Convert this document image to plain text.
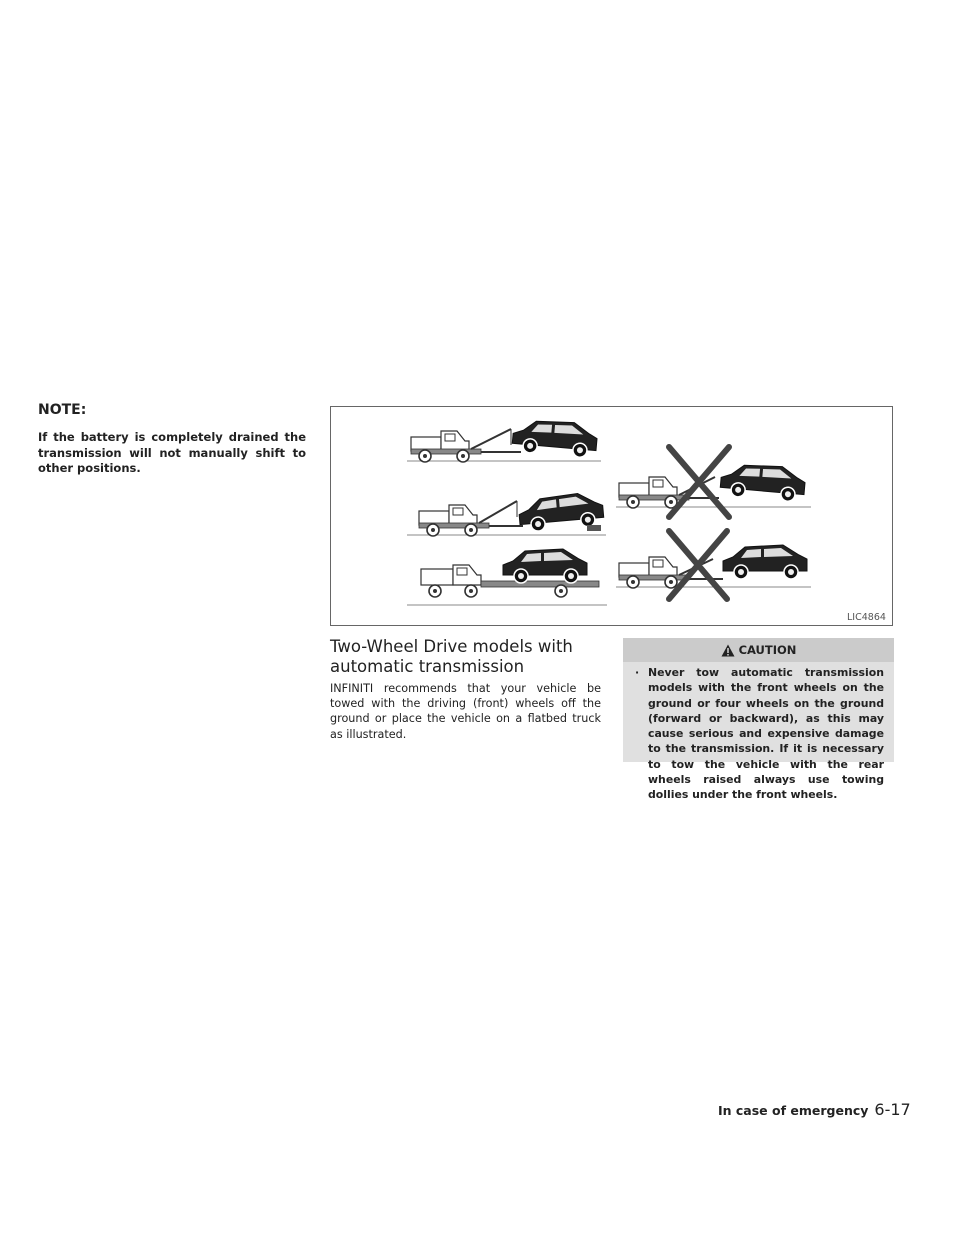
NOTE:

If the battery is completely drained the transmission will not manually shift to other positions.

LIC4864
Two-Wheel Drive models with automatic transmission

INFINITI recommends that your vehicle be towed with the driving (front) wheels off the ground or place the vehicle on a flatbed truck as illustrated.

CAUTION
· Never tow automatic transmission models with the front wheels on the ground or four wheels on the ground (forward or backward), as this may cause serious and expensive damage to the transmission. If it is necessary to tow the vehicle with the rear wheels raised always use towing dollies under the front wheels.
In case of emergency 6-17
